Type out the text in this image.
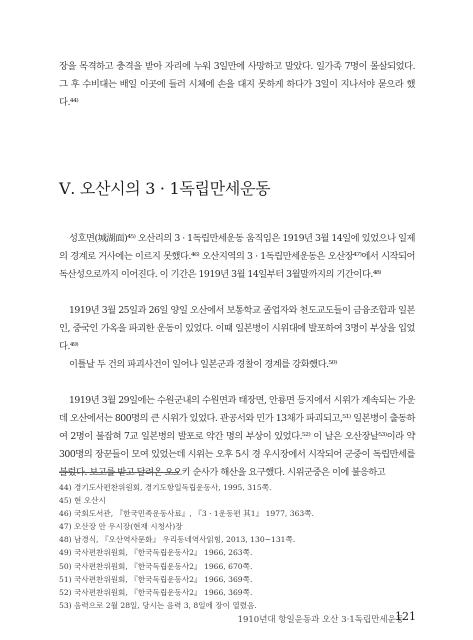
장을 목격하고 충격을 받아 자리에 누워 3일만에 사망하고 말았다. 일가족 7명이 몰살되었다. 그 후 수비대는 배일 이곳에 들러 시체에 손을 대지 못하게 하다가 3일이 지나서야 묻으라 했다.⁴⁴⁾

Ⅴ. 오산시의 3 · 1독립만세운동

성호면(城湖面)⁴⁵⁾ 오산리의 3 · 1독립만세운동 움직임은 1919년 3월 14일에 있었으나 일제의 경계로 거사에는 이르지 못했다.⁴⁶⁾ 오산지역의 3 · 1독립만세운동은 오산장⁴⁷⁾에서 시작되어 독산성으로까지 이어진다. 이 기간은 1919년 3월 14일부터 3월말까지의 기간이다.⁴⁸⁾

1919년 3월 25일과 26일 양일 오산에서 보통학교 졸업자와 천도교도들이 금융조합과 일본인, 중국인 가옥을 파괴한 운동이 있었다. 이때 일본병이 시위대에 발포하여 3명이 부상을 입었다.⁴⁹⁾

이틀날 두 건의 파괴사건이 일어나 일본군과 경찰이 경계를 강화했다.⁵⁰⁾

1919년 3월 29일에는 수원군내의 수원면과 태장면, 안룡면 등지에서 시위가 계속되는 가운데 오산에서는 800명의 큰 시위가 있었다. 관공서와 민가 13채가 파괴되고,⁵¹⁾ 일본병이 출동하여 2명이 불잡혀 7교 일본병의 발포로 약간 명의 부상이 있었다.⁵²⁾ 이 날은 오산장날⁵³⁾이라 약 300명의 장꾼들이 모여 있었는데 시위는 오후 5시 경 우시장에서 시작되어 군중이 독립만세를 불렀다. 보고를 받고 달려온 오오키 순사가 해산을 요구했다. 시위군중은 이에 불응하고

44) 경기도사편찬위원회, 경기도항일독립운동사, 1995, 315쪽.
45) 현 오산시
46) 국회도서관, 『한국민족운동사료』, 『3 · 1운동편 其1』 1977, 363쪽.
47) 오산장 안 우시장(현재 시청사)장
48) 남경식, 『오산역사문화』 우리동네역사읽힘, 2013, 130~131쪽.
49) 국사편찬위원회, 『한국독립운동사2』 1966, 263쪽.
50) 국사편찬위원회, 『한국독립운동사2』 1966, 670쪽.
51) 국사편찬위원회, 『한국독립운동사2』 1966, 369쪽.
52) 국사편찬위원회, 『한국독립운동사2』 1966, 369쪽.
53) 음력으로 2월 28일, 당시는 음력 3, 8일에 장이 열렸음.
1910년대 항일운동과 오산 3·1독립만세운동
121
